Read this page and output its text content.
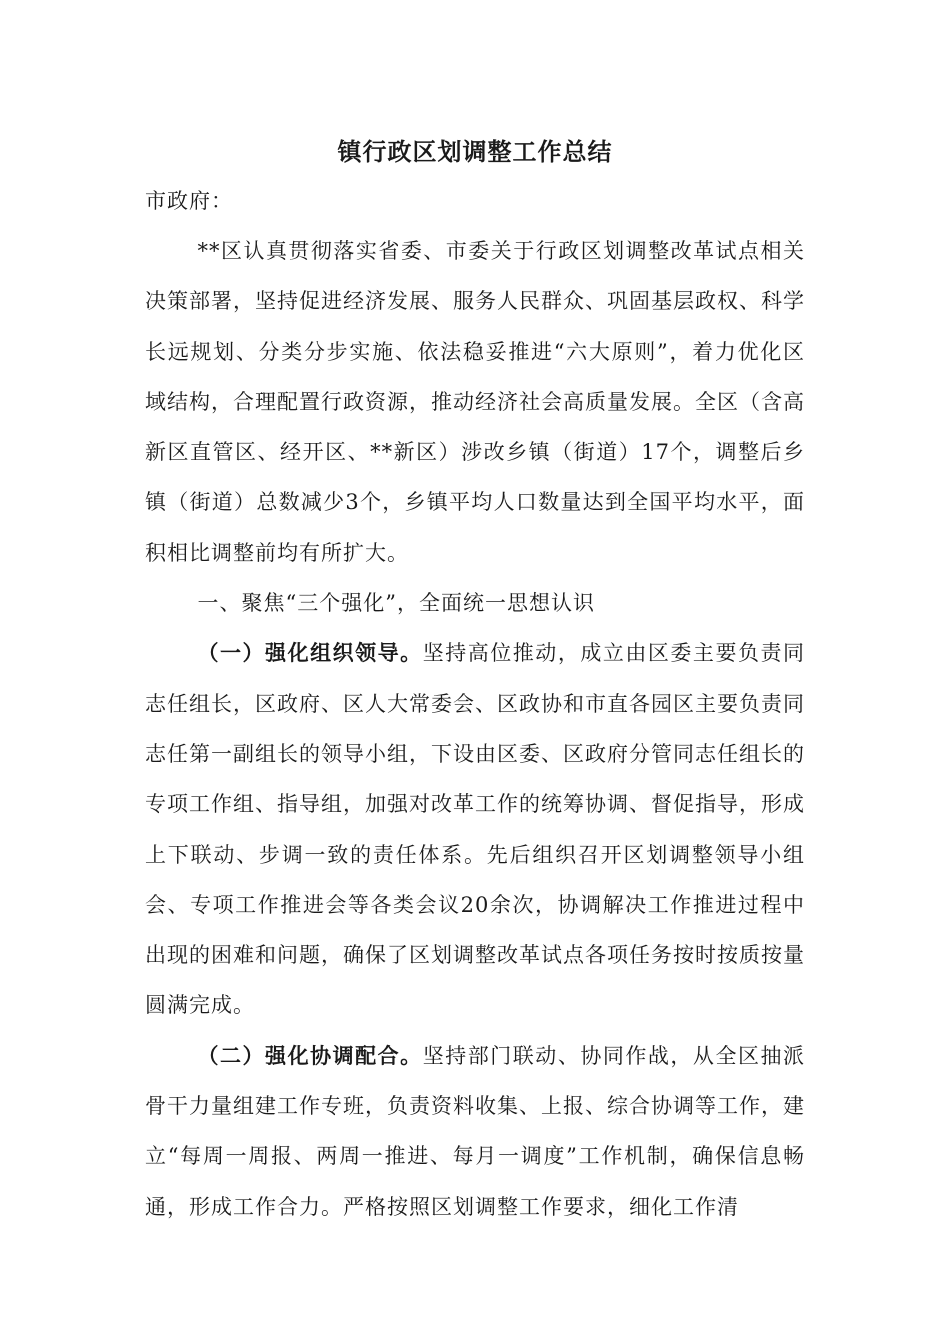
镇行政区划调整工作总结

市政府：

**区认真贯彻落实省委、市委关于行政区划调整改革试点相关决策部署，坚持促进经济发展、服务人民群众、巩固基层政权、科学长远规划、分类分步实施、依法稳妥推进“六大原则”，着力优化区域结构，合理配置行政资源，推动经济社会高质量发展。全区（含高新区直管区、经开区、**新区）涉改乡镇（街道）17个，调整后乡镇（街道）总数减少3个，乡镇平均人口数量达到全国平均水平，面积相比调整前均有所扩大。

一、聚焦“三个强化”，全面统一思想认识

（一）强化组织领导。坚持高位推动，成立由区委主要负责同志任组长，区政府、区人大常委会、区政协和市直各园区主要负责同志任第一副组长的领导小组，下设由区委、区政府分管同志任组长的专项工作组、指导组，加强对改革工作的统筹协调、督促指导，形成上下联动、步调一致的责任体系。先后组织召开区划调整领导小组会、专项工作推进会等各类会议20余次，协调解决工作推进过程中出现的困难和问题，确保了区划调整改革试点各项任务按时按质按量圆满完成。

（二）强化协调配合。坚持部门联动、协同作战，从全区抽派骨干力量组建工作专班，负责资料收集、上报、综合协调等工作，建立“每周一周报、两周一推进、每月一调度”工作机制，确保信息畅通，形成工作合力。严格按照区划调整工作要求，细化工作清
